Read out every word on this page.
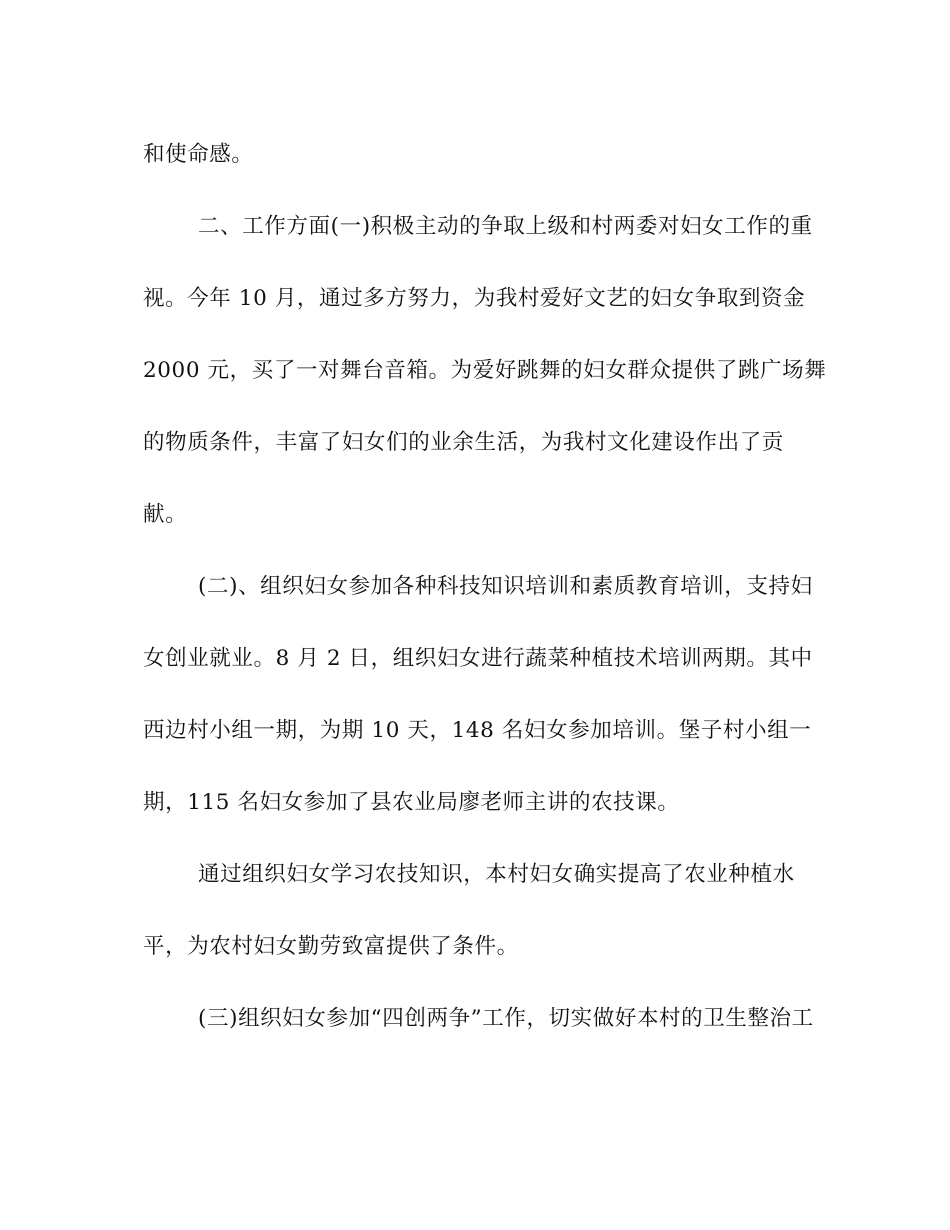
和使命感。
二、工作方面(一)积极主动的争取上级和村两委对妇女工作的重
视。今年 10 月，通过多方努力，为我村爱好文艺的妇女争取到资金
2000 元，买了一对舞台音箱。为爱好跳舞的妇女群众提供了跳广场舞
的物质条件，丰富了妇女们的业余生活，为我村文化建设作出了贡
献。
(二)、组织妇女参加各种科技知识培训和素质教育培训，支持妇
女创业就业。8 月 2 日，组织妇女进行蔬菜种植技术培训两期。其中
西边村小组一期，为期 10 天，148 名妇女参加培训。堡子村小组一
期，115 名妇女参加了县农业局廖老师主讲的农技课。
通过组织妇女学习农技知识，本村妇女确实提高了农业种植水
平，为农村妇女勤劳致富提供了条件。
(三)组织妇女参加“四创两争”工作，切实做好本村的卫生整治工
